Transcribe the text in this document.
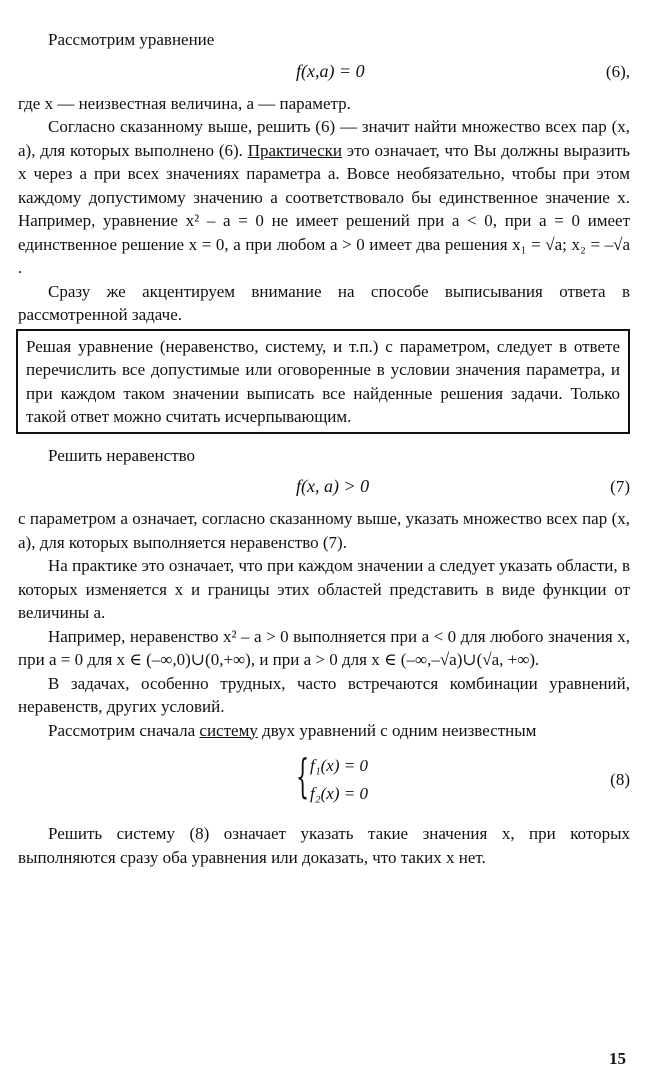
Рассмотрим уравнение

f(x,a) = 0	(6),

где x — неизвестная величина, a — параметр.

Согласно сказанному выше, решить (6) — значит найти множество всех пар (x, a), для которых выполнено (6). Практически это означает, что Вы должны выразить x через a при всех значениях параметра a. Вовсе необязательно, чтобы при этом каждому допустимому значению a соответствовало бы единственное значение x. Например, уравнение x² – a = 0 не имеет решений при a < 0, при a = 0 имеет единственное решение x = 0, а при любом a > 0 имеет два решения x₁ = √a; x₂ = –√a .

Сразу же акцентируем внимание на способе выписывания ответа в рассмотренной задаче.

Решая уравнение (неравенство, систему, и т.п.) с параметром, следует в ответе перечислить все допустимые или оговоренные в условии значения параметра, и при каждом таком значении выписать все найденные решения задачи. Только такой ответ можно считать исчерпывающим.

Решить неравенство

f(x, a) > 0	(7)

с параметром a означает, согласно сказанному выше, указать множество всех пар (x, a), для которых выполняется неравенство (7).

На практике это означает, что при каждом значении a следует указать области, в которых изменяется x и границы этих областей представить в виде функции от величины a.

Например, неравенство x² – a > 0 выполняется при a < 0 для любого значения x, при a = 0 для x ∈ (–∞,0)∪(0,+∞), и при a > 0 для x ∈ (–∞,–√a)∪(√a, +∞).

В задачах, особенно трудных, часто встречаются комбинации уравнений, неравенств, других условий.

Рассмотрим сначала систему двух уравнений с одним неизвестным

{ f₁(x) = 0
f₂(x) = 0
(8)

Решить систему (8) означает указать такие значения x, при которых выполняются сразу оба уравнения или доказать, что таких x нет.

15
